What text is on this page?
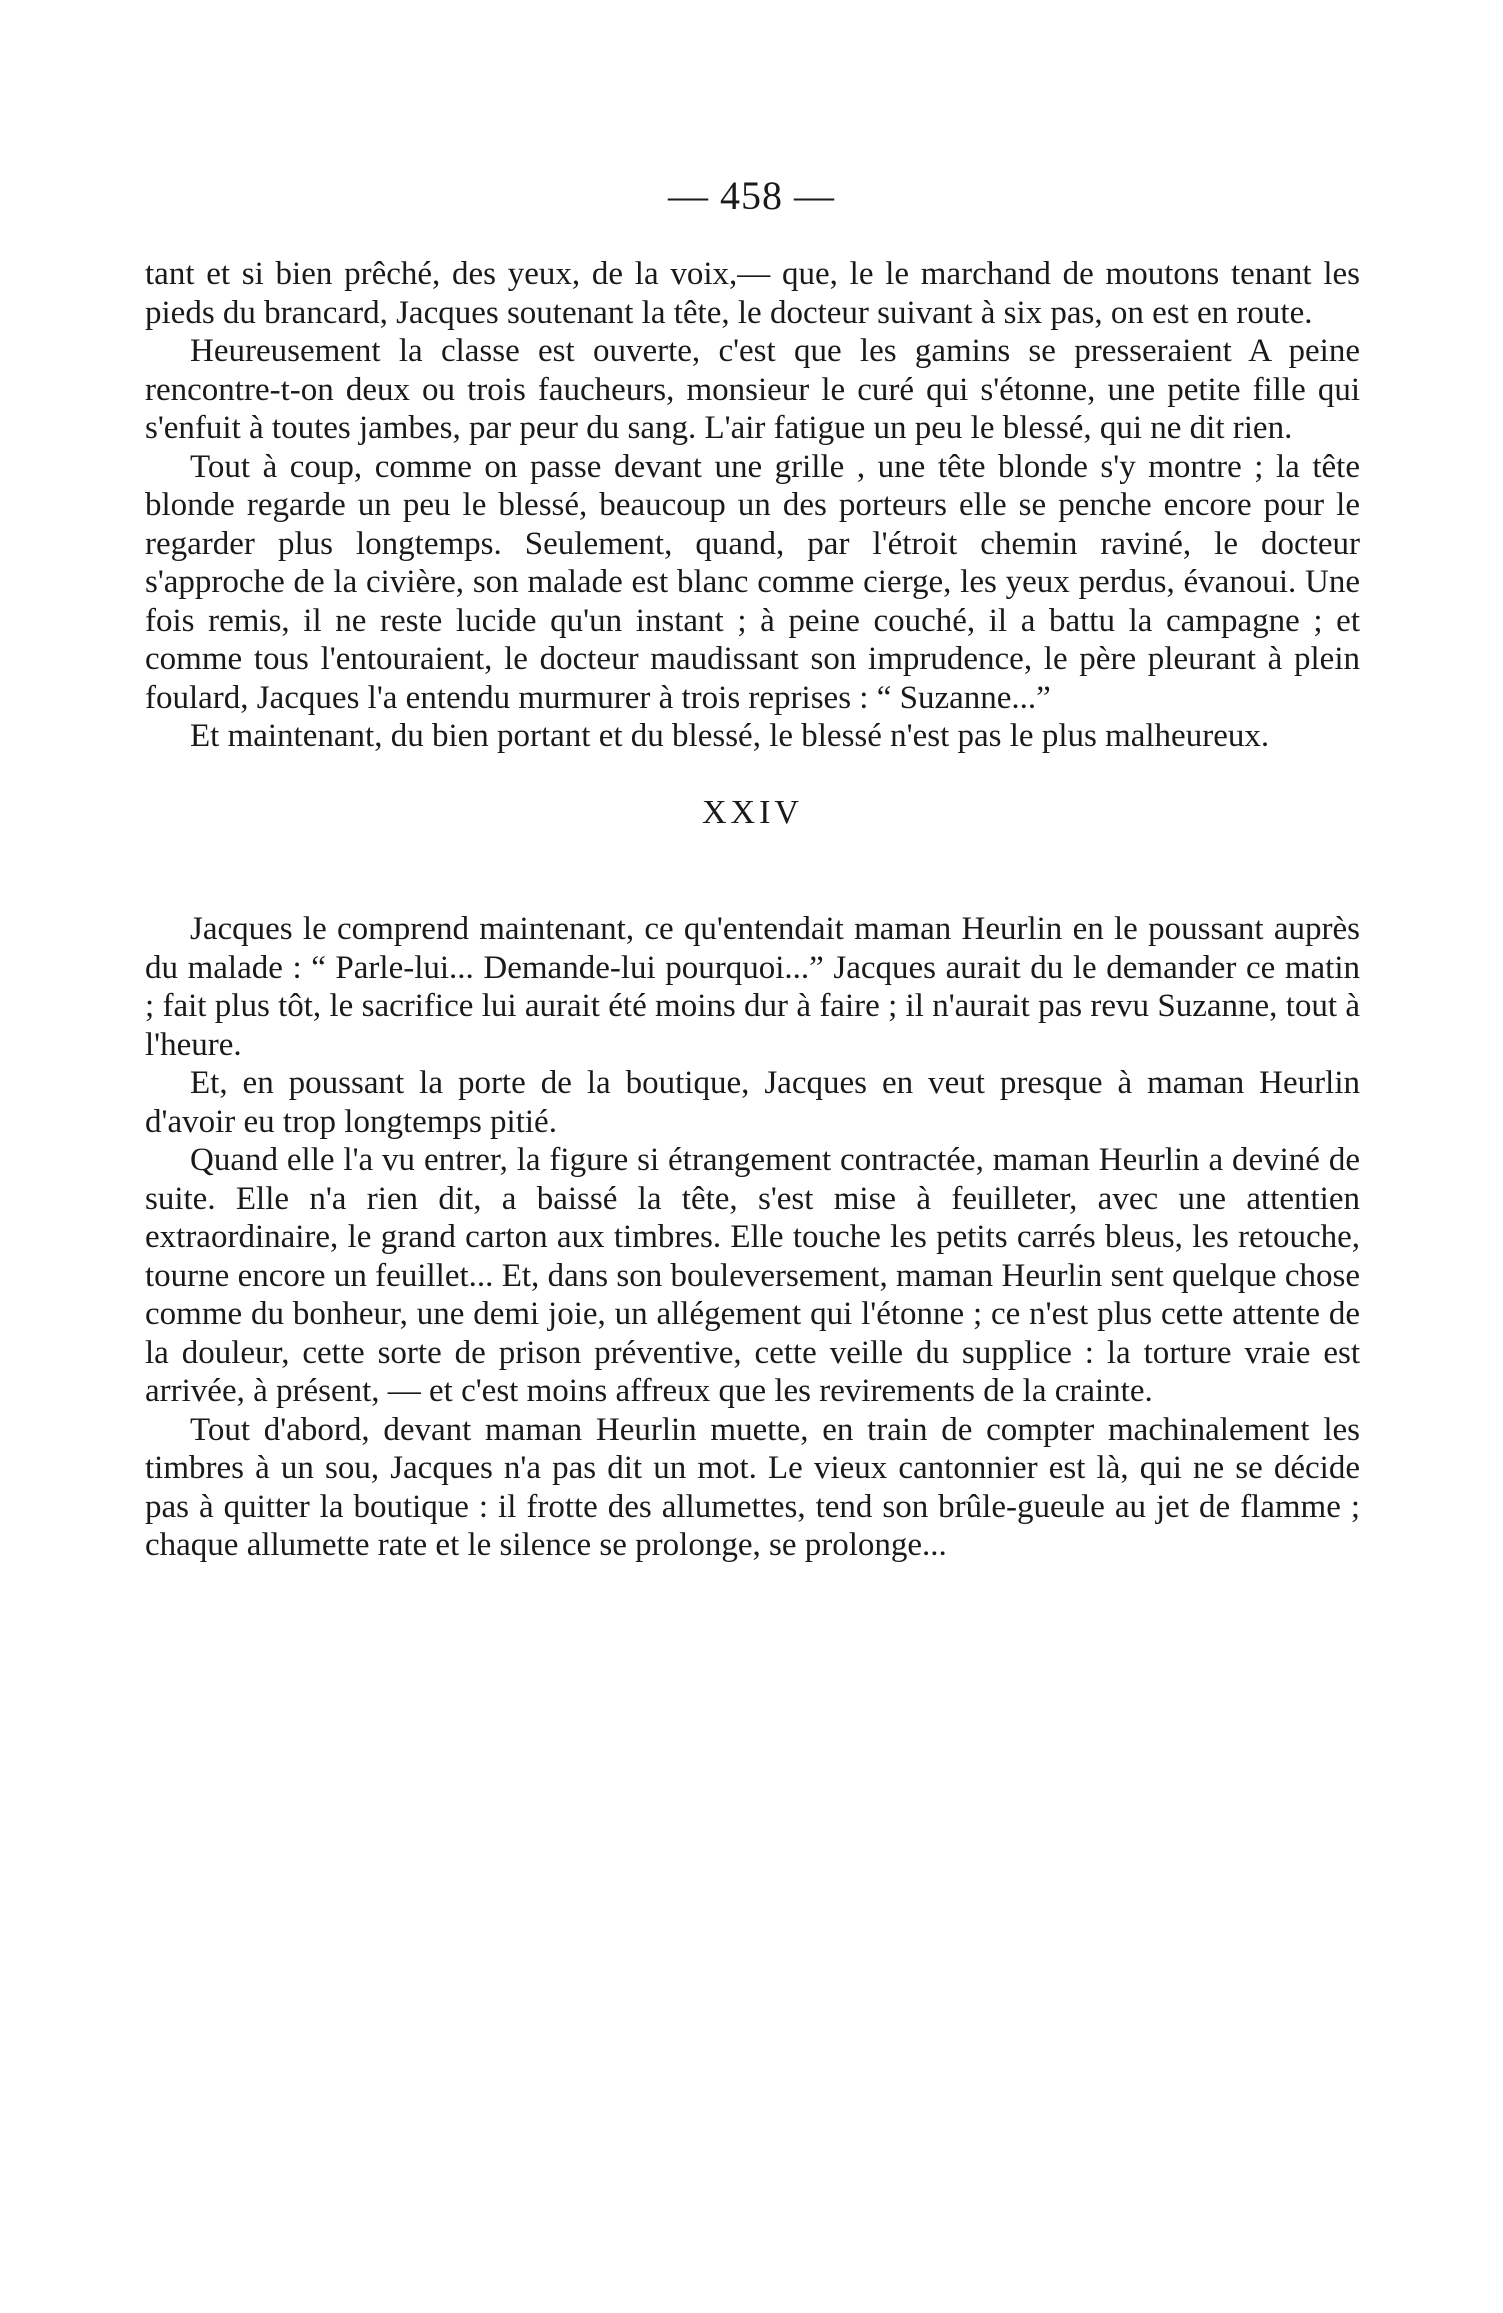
— 458 —

tant et si bien prêché, des yeux, de la voix,— que, le le marchand de moutons tenant les pieds du brancard, Jacques soutenant la tête, le docteur suivant à six pas, on est en route.

Heureusement la classe est ouverte, c'est que les gamins se presseraient A peine rencontre-t-on deux ou trois faucheurs, monsieur le curé qui s'étonne, une petite fille qui s'enfuit à toutes jambes, par peur du sang. L'air fatigue un peu le blessé, qui ne dit rien.

Tout à coup, comme on passe devant une grille , une tête blonde s'y montre ; la tête blonde regarde un peu le blessé, beaucoup un des porteurs elle se penche encore pour le regarder plus longtemps. Seulement, quand, par l'étroit chemin raviné, le docteur s'approche de la civière, son malade est blanc comme cierge, les yeux perdus, évanoui. Une fois remis, il ne reste lucide qu'un instant ; à peine couché, il a battu la campagne ; et comme tous l'entouraient, le docteur maudissant son imprudence, le père pleurant à plein foulard, Jacques l'a entendu murmurer à trois reprises : “ Suzanne...”

Et maintenant, du bien portant et du blessé, le blessé n'est pas le plus malheureux.

XXIV

Jacques le comprend maintenant, ce qu'entendait maman Heurlin en le poussant auprès du malade : “ Parle-lui... Demande-lui pourquoi...” Jacques aurait du le demander ce matin ; fait plus tôt, le sacrifice lui aurait été moins dur à faire ; il n'aurait pas revu Suzanne, tout à l'heure.

Et, en poussant la porte de la boutique, Jacques en veut presque à maman Heurlin d'avoir eu trop longtemps pitié.

Quand elle l'a vu entrer, la figure si étrangement contractée, maman Heurlin a deviné de suite. Elle n'a rien dit, a baissé la tête, s'est mise à feuilleter, avec une attentien extraordinaire, le grand carton aux timbres. Elle touche les petits carrés bleus, les retouche, tourne encore un feuillet... Et, dans son bouleversement, maman Heurlin sent quelque chose comme du bonheur, une demi joie, un allégement qui l'étonne ; ce n'est plus cette attente de la douleur, cette sorte de prison préventive, cette veille du supplice : la torture vraie est arrivée, à présent, — et c'est moins affreux que les revirements de la crainte.

Tout d'abord, devant maman Heurlin muette, en train de compter machinalement les timbres à un sou, Jacques n'a pas dit un mot. Le vieux cantonnier est là, qui ne se décide pas à quitter la boutique : il frotte des allumettes, tend son brûle-gueule au jet de flamme ; chaque allumette rate et le silence se prolonge, se prolonge...
